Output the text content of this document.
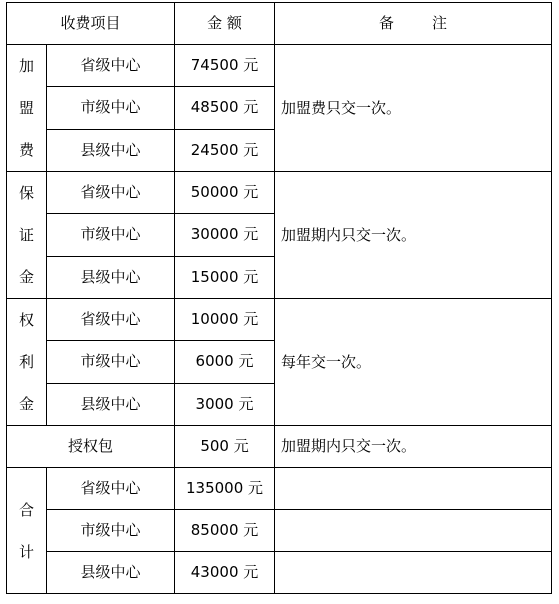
收费项目		金 额	备 注

加
盟
费	省级中心	74500 元	加盟费只交一次。
	市级中心	48500 元	
	县级中心	24500 元	

保
证
金	省级中心	50000 元	加盟期内只交一次。
	市级中心	30000 元	
	县级中心	15000 元	

权
利
金	省级中心	10000 元	每年交一次。
	市级中心	6000 元	
	县级中心	3000 元	
授权包		500 元	加盟期内只交一次。

合
计	省级中心	135000 元	
	市级中心	85000 元	
	县级中心	43000 元	
